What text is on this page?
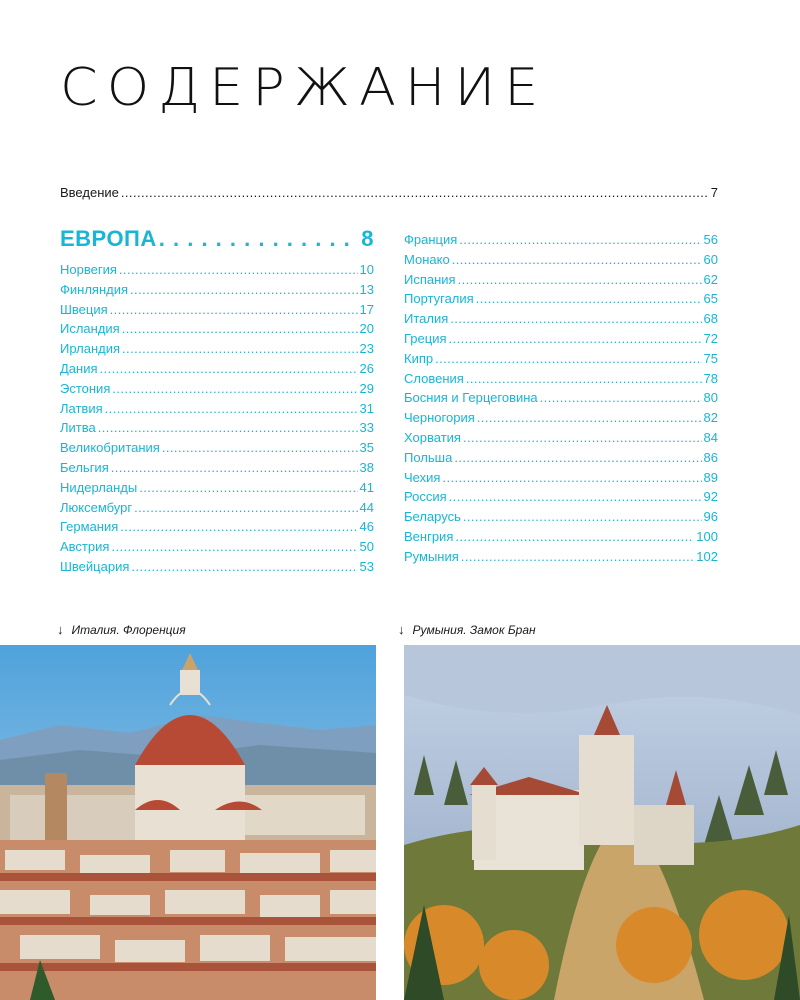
СОДЕРЖАНИЕ
Введение . . .	7
ЕВРОПА . . .	8
Норвегия . . .	10
Финляндия . . .	13
Швеция . . .	17
Исландия . . .	20
Ирландия . . .	23
Дания . . .	26
Эстония . . .	29
Латвия . . .	31
Литва . . .	33
Великобритания . . .	35
Бельгия . . .	38
Нидерланды . . .	41
Люксембург . . .	44
Германия . . .	46
Австрия . . .	50
Швейцария . . .	53
Франция . . .	56
Монако . . .	60
Испания . . .	62
Португалия . . .	65
Италия . . .	68
Греция . . .	72
Кипр . . .	75
Словения . . .	78
Босния и Герцеговина . . .	80
Черногория . . .	82
Хорватия . . .	84
Польша . . .	86
Чехия . . .	89
Россия . . .	92
Беларусь . . .	96
Венгрия . . .	100
Румыния . . .	102
↓ Италия. Флоренция	↓ Румыния. Замок Бран
